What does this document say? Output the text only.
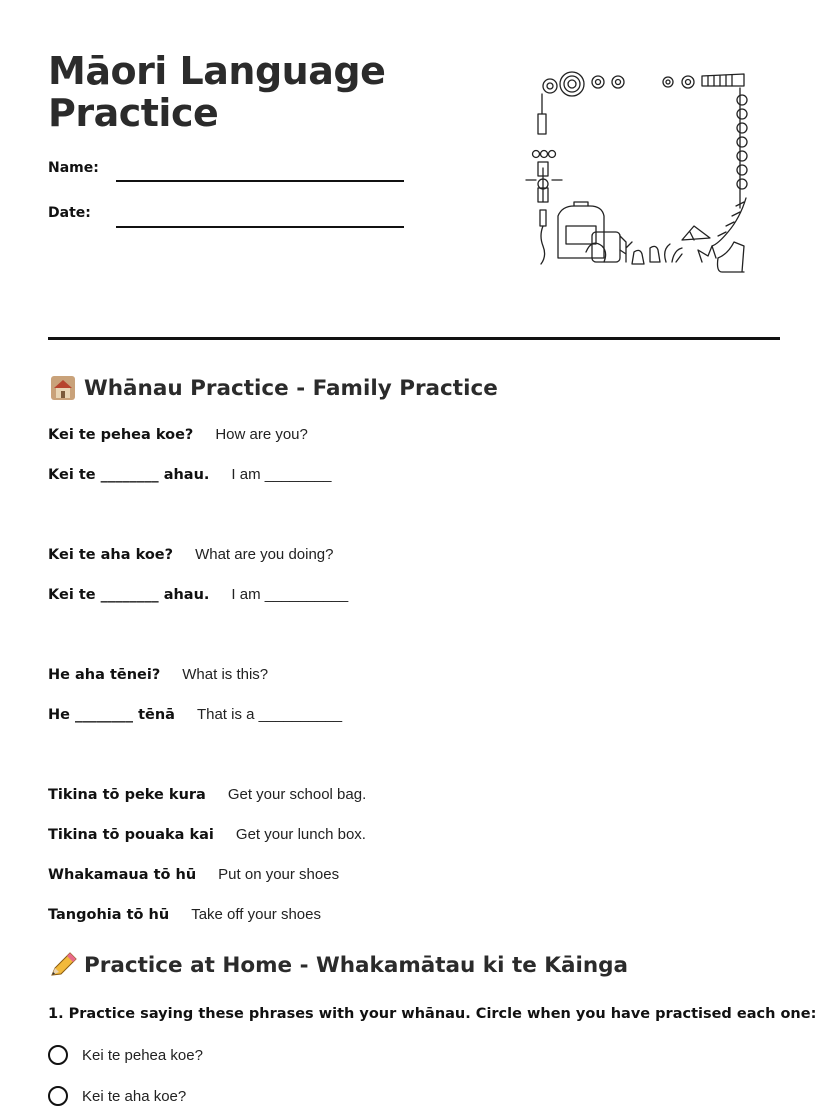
Māori Language
Practice
Name:
Date:
Whānau Practice - Family Practice
Kei te pehea koe? How are you?
Kei te ________ ahau. I am ________
Kei te aha koe? What are you doing?
Kei te ________ ahau. I am __________
He aha tēnei? What is this?
He ________ tēnā That is a __________
Tikina tō peke kura Get your school bag.
Tikina tō pouaka kai Get your lunch box.
Whakamaua tō hū Put on your shoes
Tangohia tō hū Take off your shoes
Practice at Home - Whakamātau ki te Kāinga
1. Practice saying these phrases with your whānau. Circle when you have practised each one:
Kei te pehea koe?
Kei te aha koe?
